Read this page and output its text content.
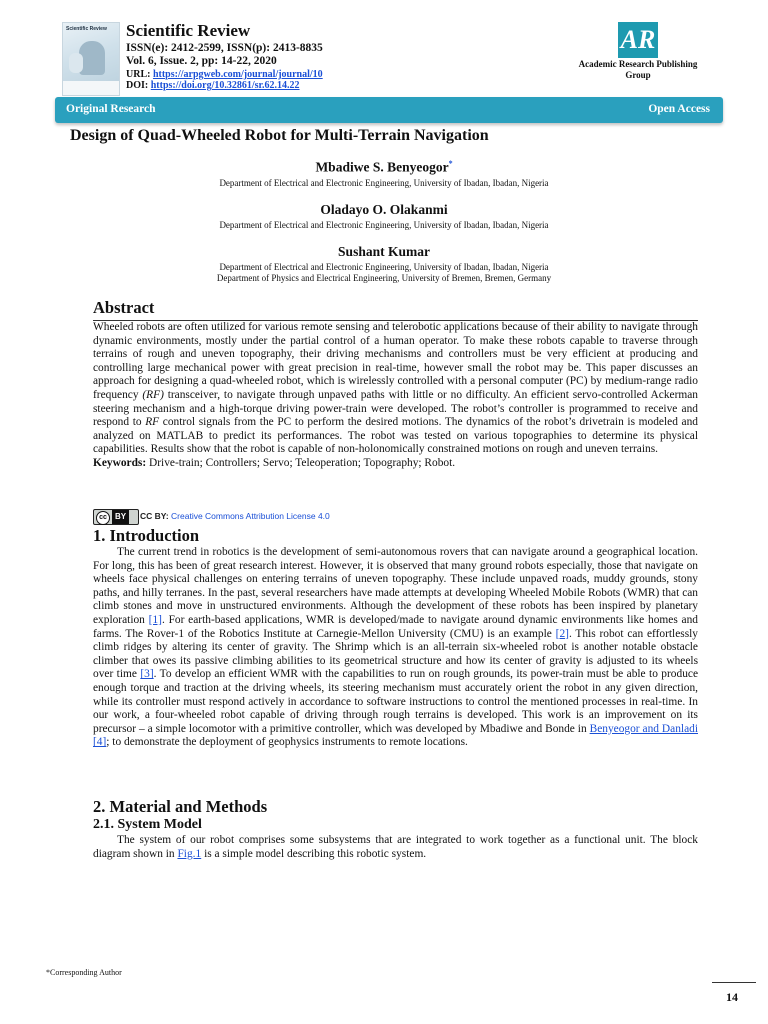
Scientific Review Scientific Review
ISSN(e): 2412-2599, ISSN(p): 2413-8835
Vol. 6, Issue. 2, pp: 14-22, 2020
URL: https://arpgweb.com/journal/journal/10
DOI: https://doi.org/10.32861/sr.62.14.22
AR
Academic Research Publishing Group
Original Research	Open Access
Design of Quad-Wheeled Robot for Multi-Terrain Navigation
Mbadiwe S. Benyeogor*
Department of Electrical and Electronic Engineering, University of Ibadan, Ibadan, Nigeria
Oladayo O. Olakanmi
Department of Electrical and Electronic Engineering, University of Ibadan, Ibadan, Nigeria
Sushant Kumar
Department of Electrical and Electronic Engineering, University of Ibadan, Ibadan, Nigeria
Department of Physics and Electrical Engineering, University of Bremen, Bremen, Germany
Abstract

Wheeled robots are often utilized for various remote sensing and telerobotic applications because of their ability to navigate through dynamic environments, mostly under the partial control of a human operator. To make these robots capable to traverse through terrains of rough and uneven topography, their driving mechanisms and controllers must be very efficient at producing and controlling large mechanical power with great precision in real-time, however small the robot may be. This paper discusses an approach for designing a quad-wheeled robot, which is wirelessly controlled with a personal computer (PC) by medium-range radio frequency (RF) transceiver, to navigate through unpaved paths with little or no difficulty. An efficient servo-controlled Ackerman steering mechanism and a high-torque driving power-train were developed. The robot’s controller is programmed to receive and respond to RF control signals from the PC to perform the desired motions. The dynamics of the robot’s drivetrain is modeled and analyzed on MATLAB to predict its performances. The robot was tested on various topographies to determine its physical capabilities. Results show that the robot is capable of non-holonomically constrained motions on rough and uneven terrains.

Keywords: Drive-train; Controllers; Servo; Teleoperation; Topography; Robot.

cc BY	CC BY: Creative Commons Attribution License 4.0
1. Introduction

The current trend in robotics is the development of semi-autonomous rovers that can navigate around a geographical location. For long, this has been of great research interest. However, it is observed that many ground robots especially, those that navigate on wheels face physical challenges on entering terrains of uneven topography. These include unpaved roads, muddy grounds, stony paths, and hilly terranes. In the past, several researchers have made attempts at developing Wheeled Mobile Robots (WMR) that can climb stones and move in unstructured environments. Although the development of these robots has been inspired by planetary exploration [1]. For earth-based applications, WMR is developed/made to navigate around dynamic environments like homes and farms. The Rover-1 of the Robotics Institute at Carnegie-Mellon University (CMU) is an example [2]. This robot can effortlessly climb ridges by altering its center of gravity. The Shrimp which is an all-terrain six-wheeled robot is another notable obstacle climber that owes its passive climbing abilities to its geometrical structure and how its center of gravity is adjusted to its wheels over time [3]. To develop an efficient WMR with the capabilities to run on rough grounds, its power-train must be able to produce enough torque and traction at the driving wheels, its steering mechanism must accurately orient the robot in any given direction, while its controller must respond actively in accordance to software instructions to control the mentioned processes in real-time. In our work, a four-wheeled robot capable of driving through rough terrains is developed. This work is an improvement on its precursor – a simple locomotor with a primitive controller, which was developed by Mbadiwe and Bonde in Benyeogor and Danladi [4]; to demonstrate the deployment of geophysics instruments to remote locations.

2. Material and Methods
2.1. System Model

The system of our robot comprises some subsystems that are integrated to work together as a functional unit. The block diagram shown in Fig.1 is a simple model describing this robotic system.

*Corresponding Author
14
